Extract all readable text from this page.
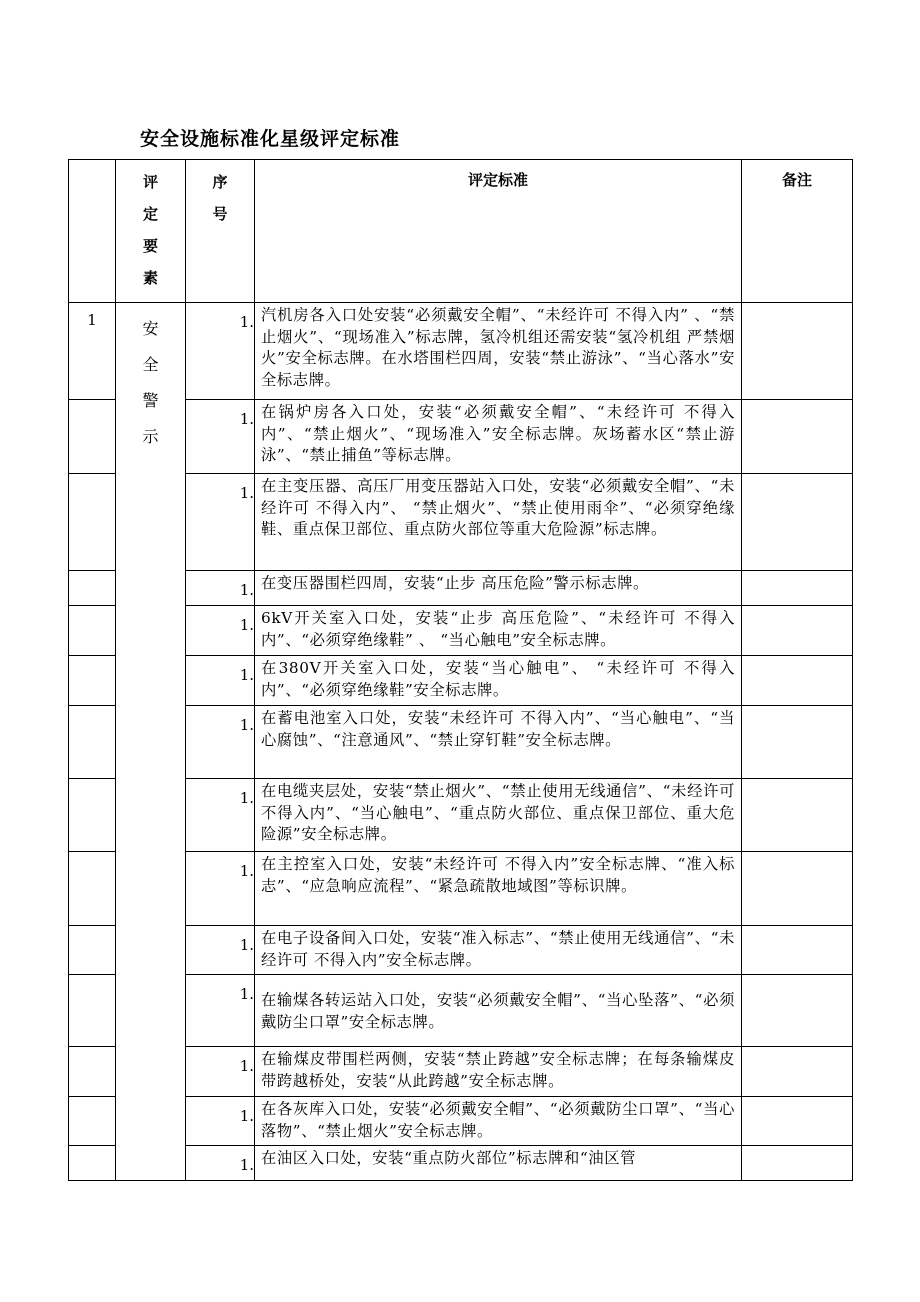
安全设施标准化星级评定标准

	评
定
要
素	序
号	评定标准	备注
1	安
全
警
示	1.	汽机房各入口处安装“必须戴安全帽”、“未经许可 不得入内” 、“禁止烟火”、“现场准入”标志牌，氢冷机组还需安装“氢冷机组 严禁烟火”安全标志牌。在水塔围栏四周，安装“禁止游泳”、“当心落水”安全标志牌。	
		1.	在锅炉房各入口处，安装“必须戴安全帽”、“未经许可 不得入内”、“禁止烟火”、“现场准入”安全标志牌。灰场蓄水区“禁止游泳”、“禁止捕鱼”等标志牌。	
		1.	在主变压器、高压厂用变压器站入口处，安装“必须戴安全帽”、“未经许可 不得入内”、 “禁止烟火”、“禁止使用雨伞”、“必须穿绝缘鞋、重点保卫部位、重点防火部位等重大危险源”标志牌。	
		1.	在变压器围栏四周，安装“止步 高压危险”警示标志牌。	
		1.	6kV开关室入口处，安装“止步 高压危险”、“未经许可 不得入内”、“必须穿绝缘鞋” 、 “当心触电”安全标志牌。	
		1.	在380V开关室入口处，安装“当心触电”、 “未经许可 不得入内”、“必须穿绝缘鞋”安全标志牌。	
		1.	在蓄电池室入口处，安装“未经许可 不得入内”、“当心触电”、“当心腐蚀”、“注意通风”、“禁止穿钉鞋”安全标志牌。	
		1.	在电缆夹层处，安装“禁止烟火”、“禁止使用无线通信”、“未经许可 不得入内”、“当心触电”、“重点防火部位、重点保卫部位、重大危险源”安全标志牌。	
		1.	在主控室入口处，安装“未经许可 不得入内”安全标志牌、“准入标志”、“应急响应流程”、“紧急疏散地域图”等标识牌。	
		1.	在电子设备间入口处，安装“准入标志”、“禁止使用无线通信”、“未经许可 不得入内”安全标志牌。	
		1.	在输煤各转运站入口处，安装“必须戴安全帽”、“当心坠落”、“必须戴防尘口罩”安全标志牌。	
		1.	在输煤皮带围栏两侧，安装“禁止跨越”安全标志牌；在每条输煤皮带跨越桥处，安装“从此跨越”安全标志牌。	
		1.	在各灰库入口处，安装“必须戴安全帽”、“必须戴防尘口罩”、“当心落物”、“禁止烟火”安全标志牌。	
		1.	在油区入口处，安装“重点防火部位”标志牌和“油区管	
